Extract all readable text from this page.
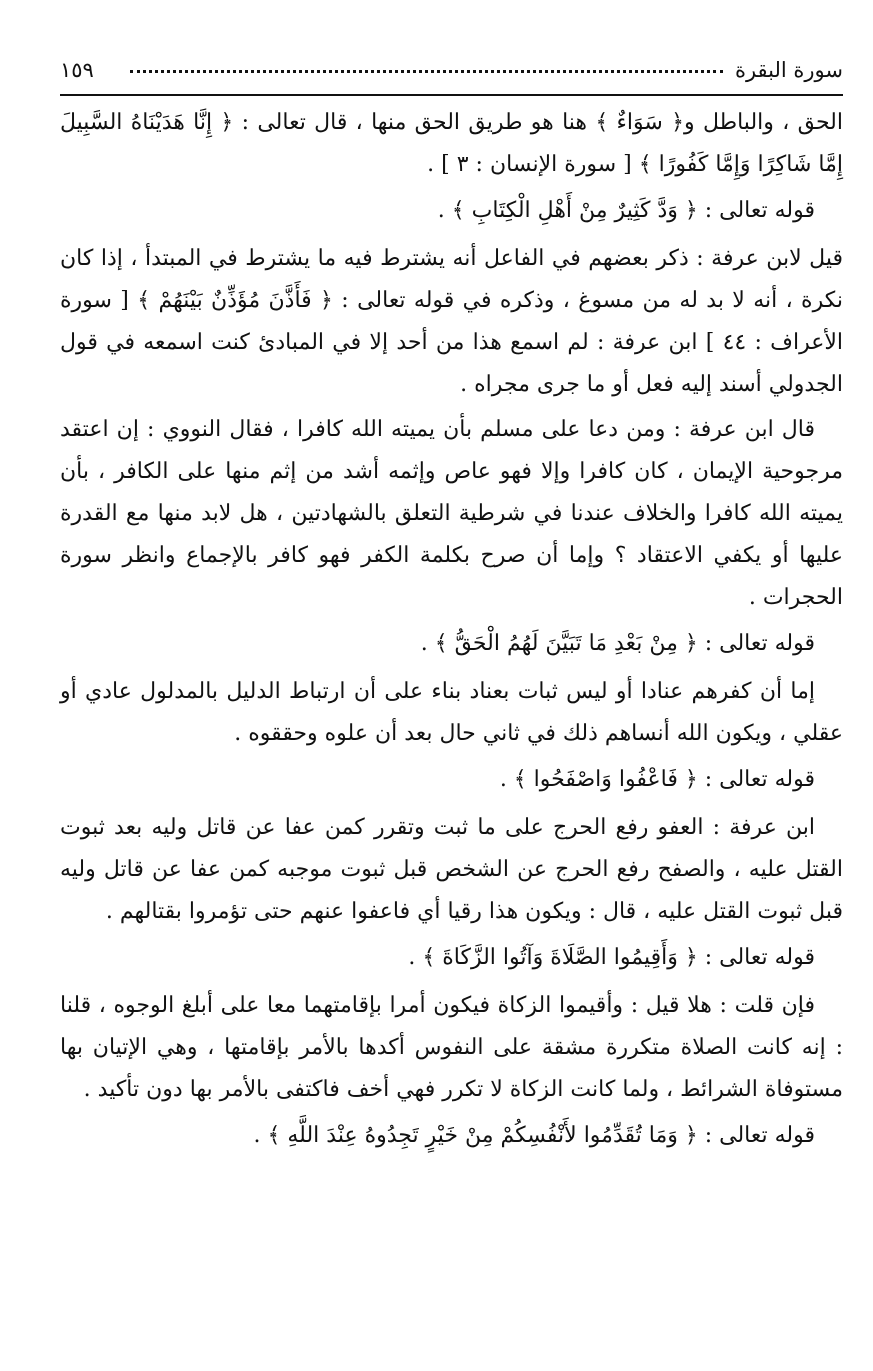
سورة البقرة
١٥٩

الحق ، والباطل و﴿ سَوَاءٌ ﴾ هنا هو طريق الحق منها ، قال تعالى : ﴿ إِنَّا هَدَيْنَاهُ السَّبِيلَ إِمَّا شَاكِرًا وَإِمَّا كَفُورًا ﴾ [ سورة الإنسان : ٣ ] .

قوله تعالى : ﴿ وَدَّ كَثِيرٌ مِنْ أَهْلِ الْكِتَابِ ﴾ .

قيل لابن عرفة : ذكر بعضهم في الفاعل أنه يشترط فيه ما يشترط في المبتدأ ، إذا كان نكرة ، أنه لا بد له من مسوغ ، وذكره في قوله تعالى : ﴿ فَأَذَّنَ مُؤَذِّنٌ بَيْنَهُمْ ﴾ [ سورة الأعراف : ٤٤ ] ابن عرفة : لم اسمع هذا من أحد إلا في المبادئ كنت اسمعه في قول الجدولي أسند إليه فعل أو ما جرى مجراه .

قال ابن عرفة : ومن دعا على مسلم بأن يميته الله كافرا ، فقال النووي : إن اعتقد مرجوحية الإيمان ، كان كافرا وإلا فهو عاص وإثمه أشد من إثم منها على الكافر ، بأن يميته الله كافرا والخلاف عندنا في شرطية التعلق بالشهادتين ، هل لابد منها مع القدرة عليها أو يكفي الاعتقاد ؟ وإما أن صرح بكلمة الكفر فهو كافر بالإجماع وانظر سورة الحجرات .

قوله تعالى : ﴿ مِنْ بَعْدِ مَا تَبَيَّنَ لَهُمُ الْحَقُّ ﴾ .

إما أن كفرهم عنادا أو ليس ثبات بعناد بناء على أن ارتباط الدليل بالمدلول عادي أو عقلي ، ويكون الله أنساهم ذلك في ثاني حال بعد أن علوه وحققوه .

قوله تعالى : ﴿ فَاعْفُوا وَاصْفَحُوا ﴾ .

ابن عرفة : العفو رفع الحرج على ما ثبت وتقرر كمن عفا عن قاتل وليه بعد ثبوت القتل عليه ، والصفح رفع الحرج عن الشخص قبل ثبوت موجبه كمن عفا عن قاتل وليه قبل ثبوت القتل عليه ، قال : ويكون هذا رقيا أي فاعفوا عنهم حتى تؤمروا بقتالهم .

قوله تعالى : ﴿ وَأَقِيمُوا الصَّلَاةَ وَآتُوا الزَّكَاةَ ﴾ .

فإن قلت : هلا قيل : وأقيموا الزكاة فيكون أمرا بإقامتهما معا على أبلغ الوجوه ، قلنا : إنه كانت الصلاة متكررة مشقة على النفوس أكدها بالأمر بإقامتها ، وهي الإتيان بها مستوفاة الشرائط ، ولما كانت الزكاة لا تكرر فهي أخف فاكتفى بالأمر بها دون تأكيد .

قوله تعالى : ﴿ وَمَا تُقَدِّمُوا لأَنْفُسِكُمْ مِنْ خَيْرٍ تَجِدُوهُ عِنْدَ اللَّهِ ﴾ .
